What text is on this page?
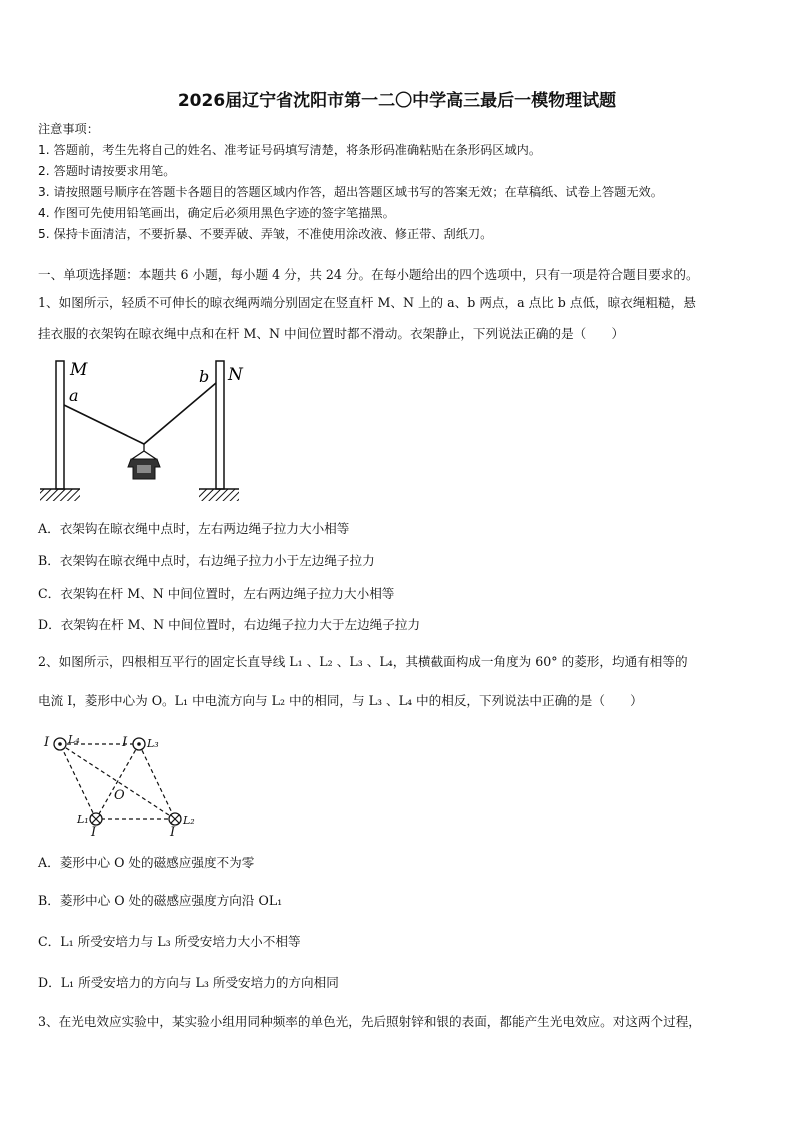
2026届辽宁省沈阳市第一二〇中学高三最后一模物理试题
注意事项：
1. 答题前，考生先将自己的姓名、准考证号码填写清楚，将条形码准确粘贴在条形码区域内。
2. 答题时请按要求用笔。
3. 请按照题号顺序在答题卡各题目的答题区域内作答，超出答题区域书写的答案无效；在草稿纸、试卷上答题无效。
4. 作图可先使用铅笔画出，确定后必须用黑色字迹的签字笔描黑。
5. 保持卡面清洁，不要折暴、不要弄破、弄皱，不准使用涂改液、修正带、刮纸刀。
一、单项选择题：本题共 6 小题，每小题 4 分，共 24 分。在每小题给出的四个选项中，只有一项是符合题目要求的。
1、如图所示，轻质不可伸长的晾衣绳两端分别固定在竖直杆 M、N 上的 a、b 两点，a 点比 b 点低，晾衣绳粗糙，悬
挂衣服的衣架钩在晾衣绳中点和在杆 M、N 中间位置时都不滑动。衣架静止，下列说法正确的是（　　）
M
a
b N
A．衣架钩在晾衣绳中点时，左右两边绳子拉力大小相等
B．衣架钩在晾衣绳中点时，右边绳子拉力小于左边绳子拉力
C．衣架钩在杆 M、N 中间位置时，左右两边绳子拉力大小相等
D．衣架钩在杆 M、N 中间位置时，右边绳子拉力大于左边绳子拉力
2、如图所示，四根相互平行的固定长直导线 L₁ 、L₂ 、L₃ 、L₄，其横截面构成一角度为 60° 的菱形，均通有相等的
电流 I，菱形中心为 O。L₁ 中电流方向与 L₂ 中的相同，与 L₃ 、L₄ 中的相反，下列说法中正确的是（　　）
I L₄	I L₃
O
L₁
I
L₂
I
A．菱形中心 O 处的磁感应强度不为零
B．菱形中心 O 处的磁感应强度方向沿 OL₁
C．L₁ 所受安培力与 L₃ 所受安培力大小不相等
D．L₁ 所受安培力的方向与 L₃ 所受安培力的方向相同
3、在光电效应实验中，某实验小组用同种频率的单色光，先后照射锌和银的表面，都能产生光电效应。对这两个过程，
